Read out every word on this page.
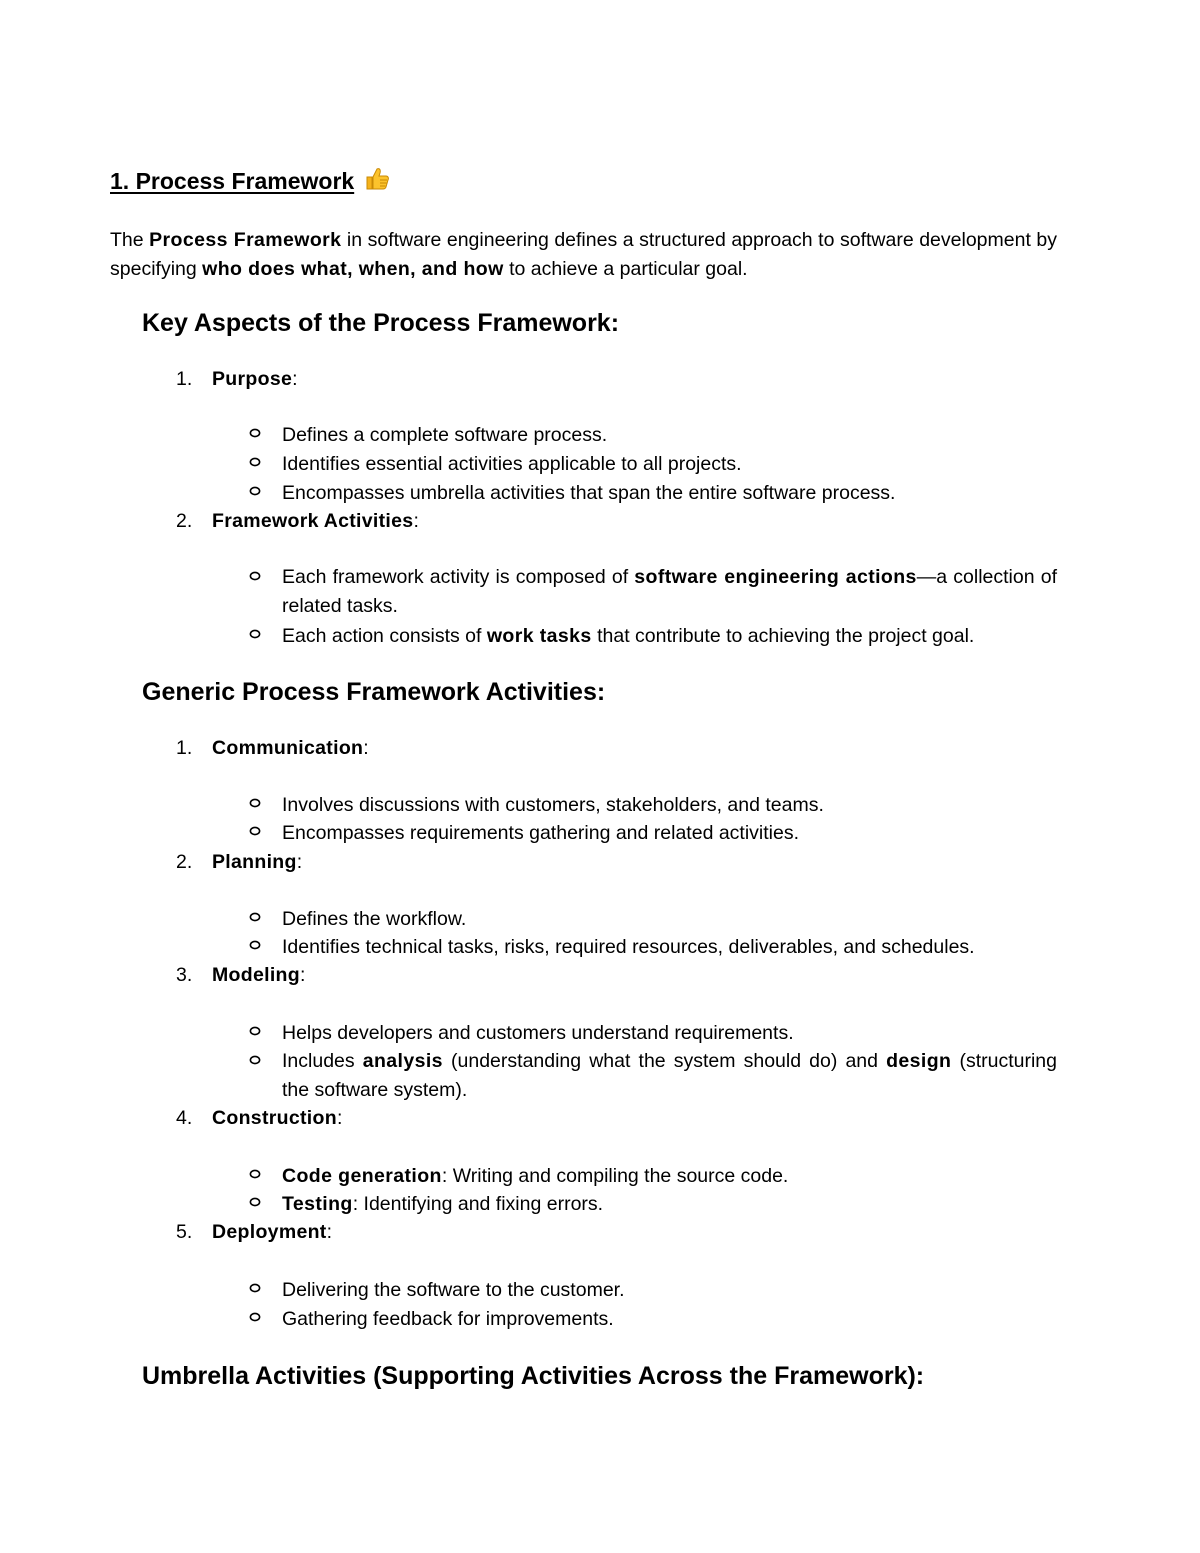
1. Process Framework
The Process Framework in software engineering defines a structured approach to software development by specifying who does what, when, and how to achieve a particular goal.
Key Aspects of the Process Framework:
1. Purpose:
Defines a complete software process.
Identifies essential activities applicable to all projects.
Encompasses umbrella activities that span the entire software process.
2. Framework Activities:
Each framework activity is composed of software engineering actions—a collection of related tasks.
Each action consists of work tasks that contribute to achieving the project goal.
Generic Process Framework Activities:
1. Communication:
Involves discussions with customers, stakeholders, and teams.
Encompasses requirements gathering and related activities.
2. Planning:
Defines the workflow.
Identifies technical tasks, risks, required resources, deliverables, and schedules.
3. Modeling:
Helps developers and customers understand requirements.
Includes analysis (understanding what the system should do) and design (structuring the software system).
4. Construction:
Code generation: Writing and compiling the source code.
Testing: Identifying and fixing errors.
5. Deployment:
Delivering the software to the customer.
Gathering feedback for improvements.
Umbrella Activities (Supporting Activities Across the Framework):
